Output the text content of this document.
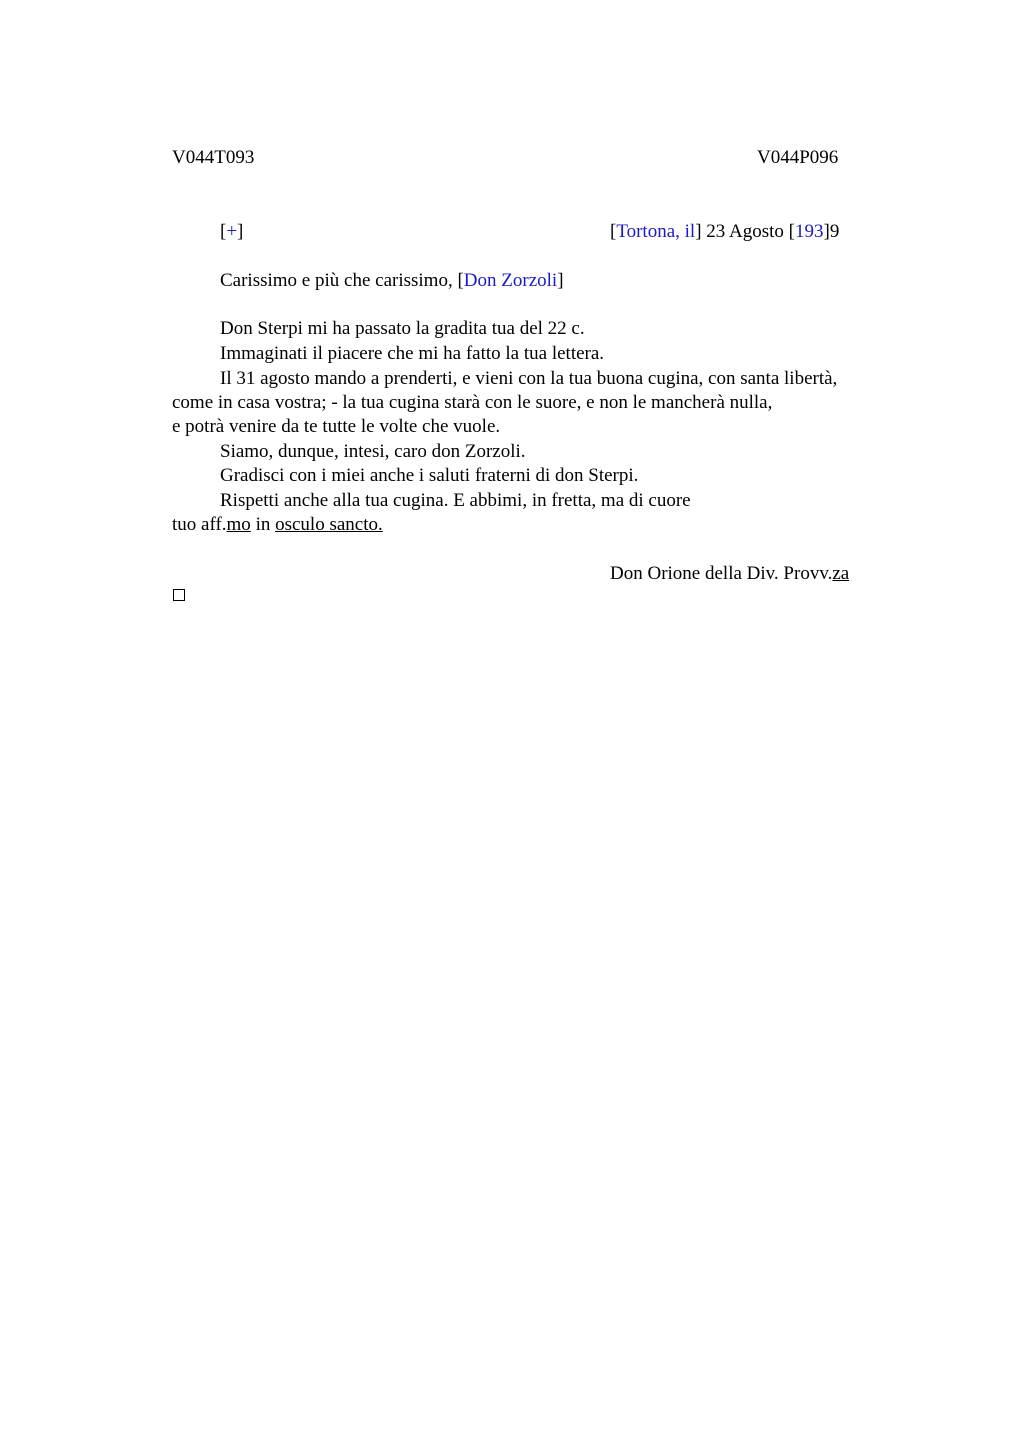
V044T093	V044P096
[+]	[Tortona, il] 23 Agosto [193]9
Carissimo e più che carissimo, [Don Zorzoli]
Don Sterpi mi ha passato la gradita tua del 22 c.
Immaginati il piacere che mi ha fatto la tua lettera.
Il 31 agosto mando a prenderti, e vieni con la tua buona cugina, con santa libertà,
come in casa vostra; - la tua cugina starà con le suore, e non le mancherà nulla,
e potrà venire da te tutte le volte che vuole.
Siamo, dunque, intesi, caro don Zorzoli.
Gradisci con i miei anche i saluti fraterni di don Sterpi.
Rispetti anche alla tua cugina. E abbimi, in fretta, ma di cuore
tuo aff.mo in osculo sancto.
Don Orione della Div. Provv.za
